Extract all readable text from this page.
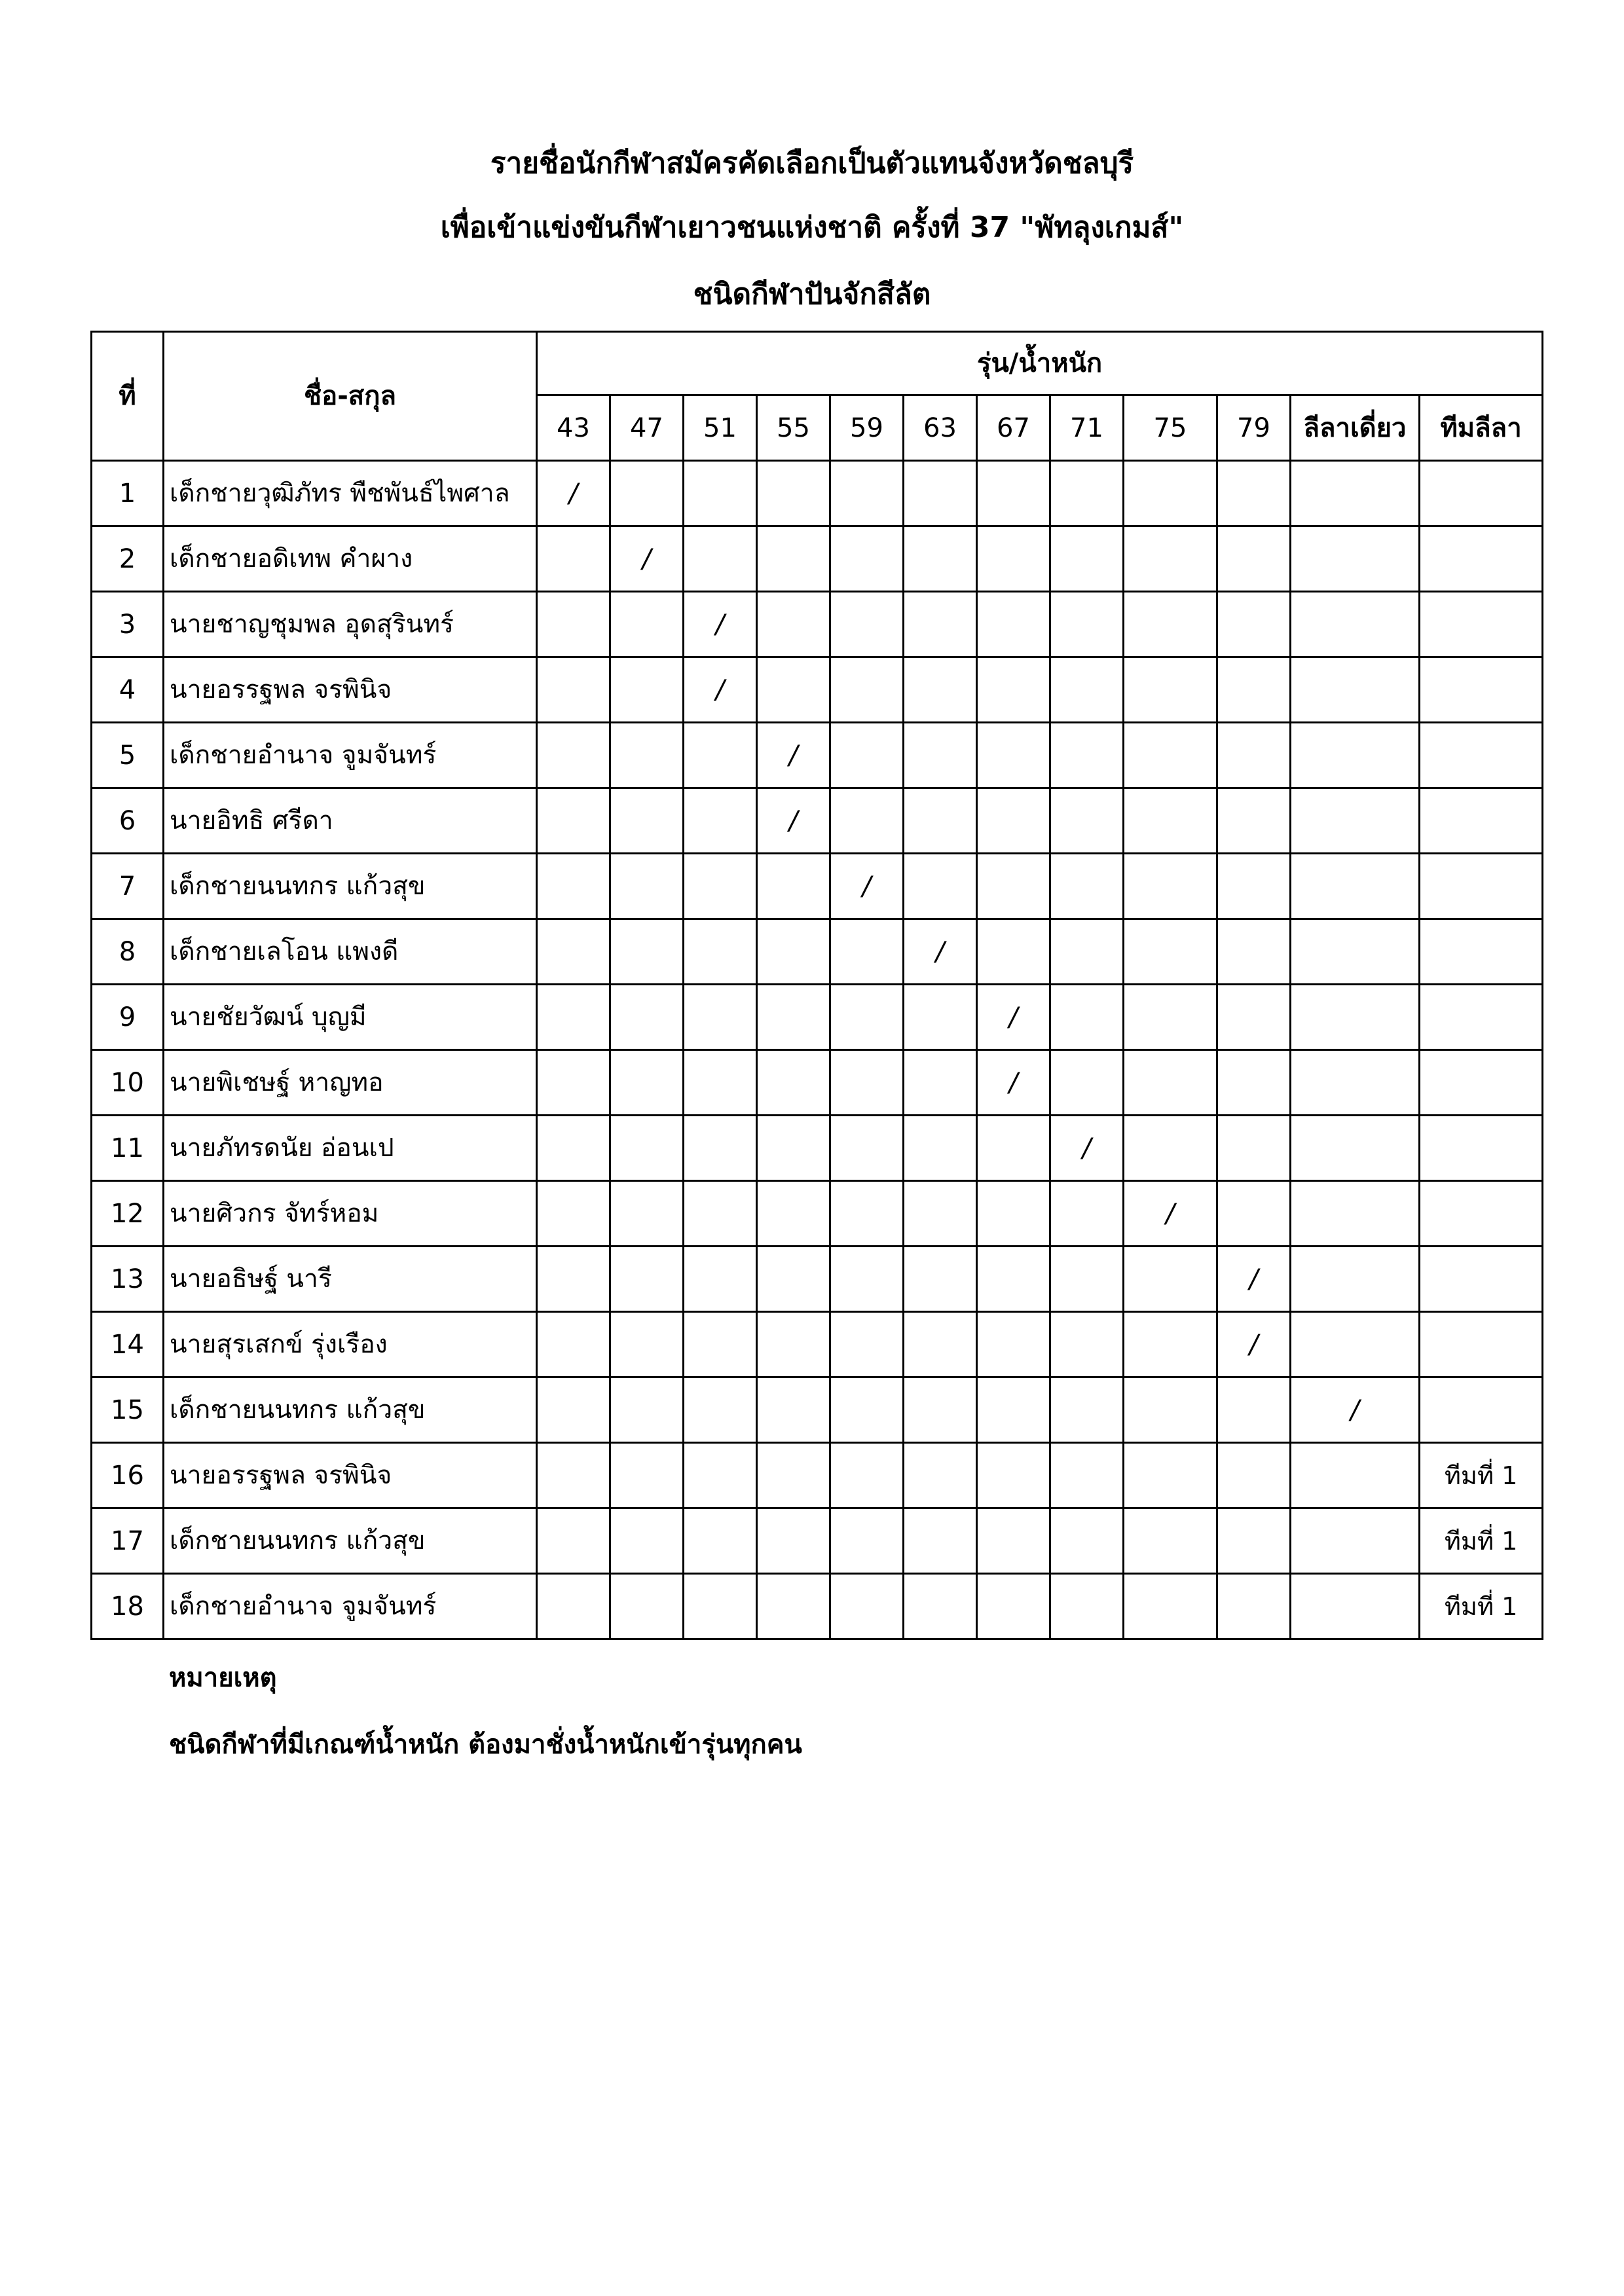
รายชื่อนักกีฬาสมัครคัดเลือกเป็นตัวแทนจังหวัดชลบุรี
เพื่อเข้าแข่งขันกีฬาเยาวชนแห่งชาติ ครั้งที่ 37 "พัทลุงเกมส์"
ชนิดกีฬาปันจักสีลัต
ที่	ชื่อ-สกุล	รุ่น/น้ำหนัก											
		43	47	51	55	59	63	67	71	75	79	ลีลาเดี่ยว	ทีมลีลา
1	เด็กชายวุฒิภัทร พืชพันธ์ไพศาล	/											
2	เด็กชายอดิเทพ คำผาง		/										
3	นายชาญชุมพล อุดสุรินทร์			/									
4	นายอรรฐพล จรพินิจ			/									
5	เด็กชายอำนาจ จูมจันทร์				/								
6	นายอิทธิ ศรีดา				/								
7	เด็กชายนนทกร แก้วสุข					/							
8	เด็กชายเลโอน แพงดี						/						
9	นายชัยวัฒน์ บุญมี							/					
10	นายพิเชษฐ์ หาญทอ							/					
11	นายภัทรดนัย อ่อนเป								/				
12	นายศิวกร จัทร์หอม									/			
13	นายอธิษฐ์ นารี										/		
14	นายสุรเสกข์ รุ่งเรือง										/		
15	เด็กชายนนทกร แก้วสุข											/	
16	นายอรรฐพล จรพินิจ												ทีมที่ 1
17	เด็กชายนนทกร แก้วสุข												ทีมที่ 1
18	เด็กชายอำนาจ จูมจันทร์												ทีมที่ 1
หมายเหตุ
ชนิดกีฬาที่มีเกณฑ์น้ำหนัก ต้องมาชั่งน้ำหนักเข้ารุ่นทุกคน
